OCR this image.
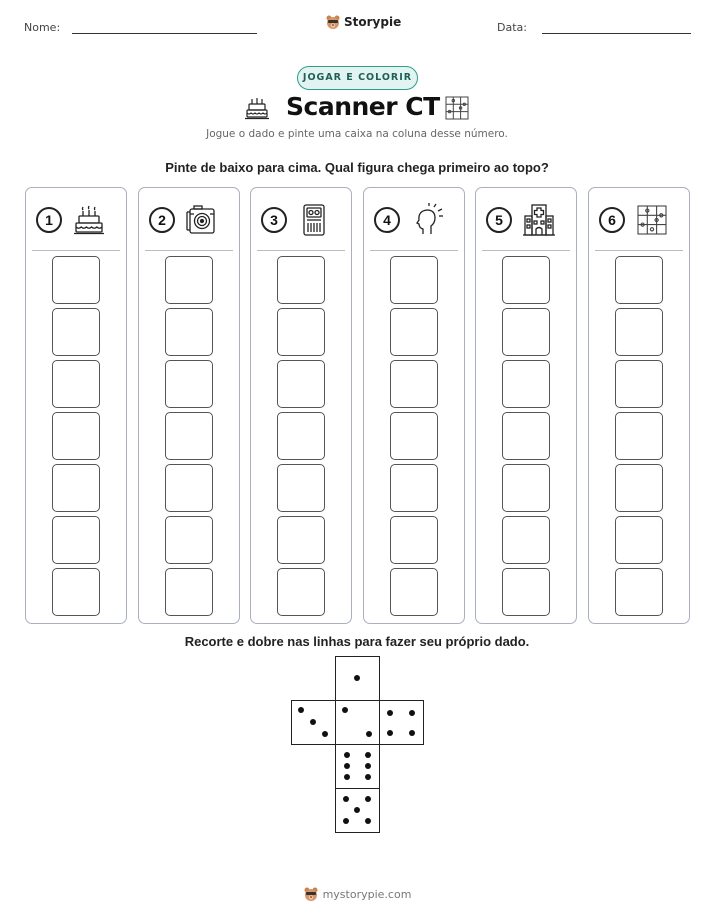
Nome:	Storypie	Data:
JOGAR E COLORIR
Scanner CT
Jogue o dado e pinte uma caixa na coluna desse número.
Pinte de baixo para cima. Qual figura chega primeiro ao topo?
1	2	3	4	5	6
Recorte e dobre nas linhas para fazer seu próprio dado.
mystorypie.com
